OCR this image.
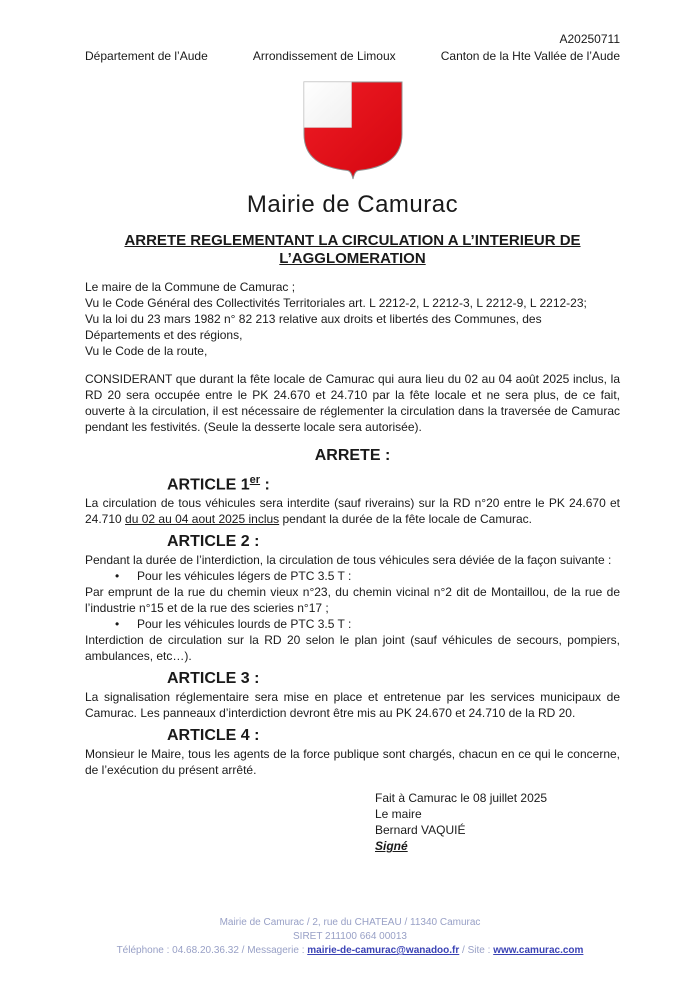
A20250711
Département de l’Aude	Arrondissement de Limoux	Canton de la Hte Vallée de l’Aude
Mairie de Camurac
ARRETE REGLEMENTANT LA CIRCULATION A L’INTERIEUR DE
L’AGGLOMERATION
Le maire de la Commune de Camurac ;
Vu le Code Général des Collectivités Territoriales art. L 2212-2, L 2212-3, L 2212-9, L 2212-23;
Vu la loi du 23 mars 1982 n° 82 213 relative aux droits et libertés des Communes, des Départements et des régions,
Vu le Code de la route,

CONSIDERANT que durant la fête locale de Camurac qui aura lieu du 02 au 04 août 2025 inclus, la RD 20 sera occupée entre le PK 24.670 et 24.710 par la fête locale et ne sera plus, de ce fait, ouverte à la circulation, il est nécessaire de réglementer la circulation dans la traversée de Camurac pendant les festivités. (Seule la desserte locale sera autorisée).

ARRETE :
ARTICLE 1er :

La circulation de tous véhicules sera interdite (sauf riverains) sur la RD n°20 entre le PK 24.670 et 24.710 du 02 au 04 aout 2025 inclus pendant la durée de la fête locale de Camurac.

ARTICLE 2 :
Pendant la durée de l’interdiction, la circulation de tous véhicules sera déviée de la façon suivante :
•	Pour les véhicules légers de PTC 3.5 T :
Par emprunt de la rue du chemin vieux n°23, du chemin vicinal n°2 dit de Montaillou, de la rue de l’industrie n°15 et de la rue des scieries n°17 ;
•	Pour les véhicules lourds de PTC 3.5 T :
Interdiction de circulation sur la RD 20 selon le plan joint (sauf véhicules de secours, pompiers, ambulances, etc…).
ARTICLE 3 :

La signalisation réglementaire sera mise en place et entretenue par les services municipaux de Camurac. Les panneaux d’interdiction devront être mis au PK 24.670 et 24.710 de la RD 20.

ARTICLE 4 :

Monsieur le Maire, tous les agents de la force publique sont chargés, chacun en ce qui le concerne, de l’exécution du présent arrêté.

Fait à Camurac le 08 juillet 2025
Le maire
Bernard VAQUIÉ
Signé
Mairie de Camurac / 2, rue du CHATEAU / 11340 Camurac
SIRET 211100 664 00013
Téléphone : 04.68.20.36.32 / Messagerie : mairie-de-camurac@wanadoo.fr / Site : www.camurac.com
